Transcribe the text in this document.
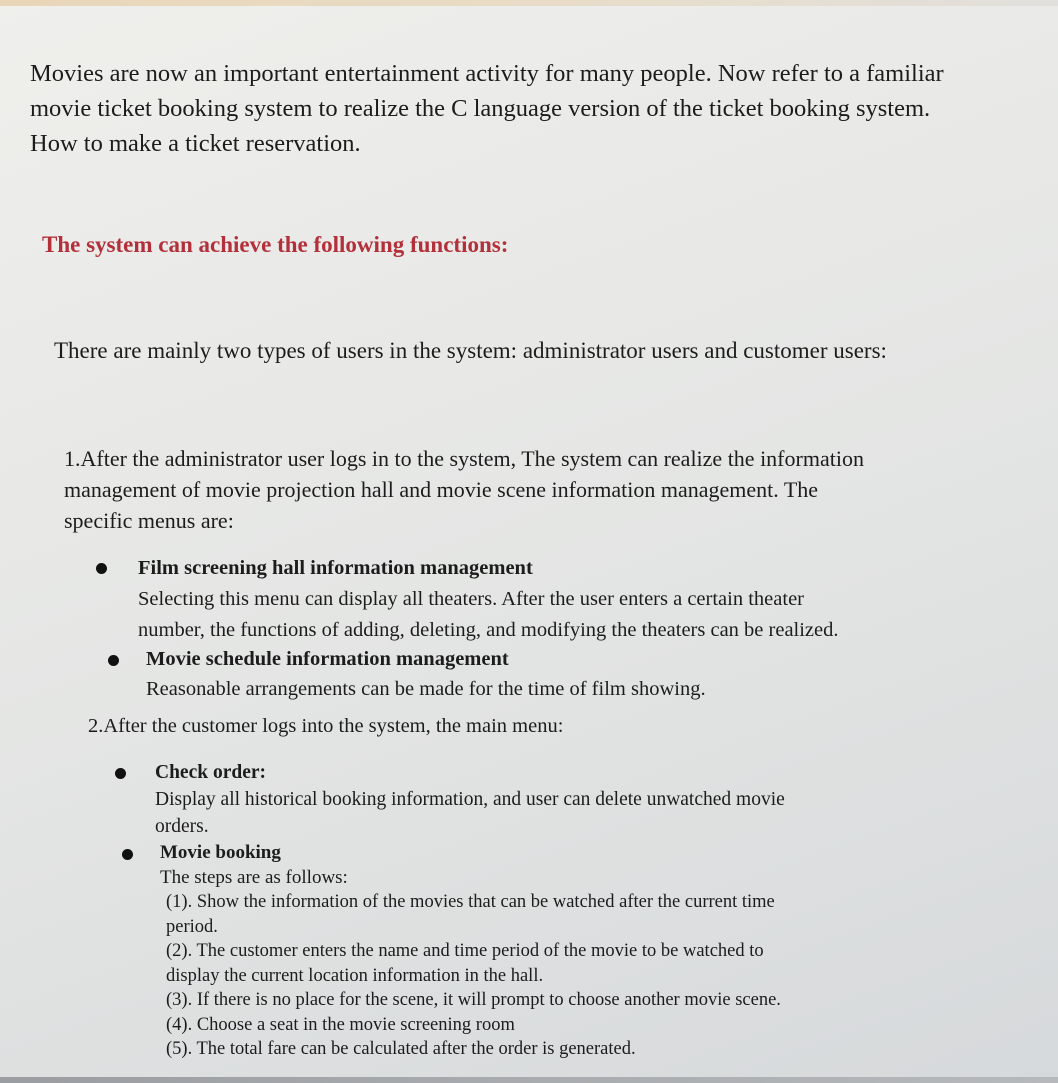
Movies are now an important entertainment activity for many people. Now refer to a familiar
movie ticket booking system to realize the C language version of the ticket booking system.
How to make a ticket reservation.
The system can achieve the following functions:
There are mainly two types of users in the system: administrator users and customer users:
1.After the administrator user logs in to the system, The system can realize the information
management of movie projection hall and movie scene information management. The
specific menus are:
Film screening hall information management
Selecting this menu can display all theaters. After the user enters a certain theater
number, the functions of adding, deleting, and modifying the theaters can be realized.
Movie schedule information management
Reasonable arrangements can be made for the time of film showing.
2.After the customer logs into the system, the main menu:
Check order:
Display all historical booking information, and user can delete unwatched movie
orders.
Movie booking
The steps are as follows:
(1). Show the information of the movies that can be watched after the current time
period.
(2). The customer enters the name and time period of the movie to be watched to
display the current location information in the hall.
(3). If there is no place for the scene, it will prompt to choose another movie scene.
(4). Choose a seat in the movie screening room
(5). The total fare can be calculated after the order is generated.
